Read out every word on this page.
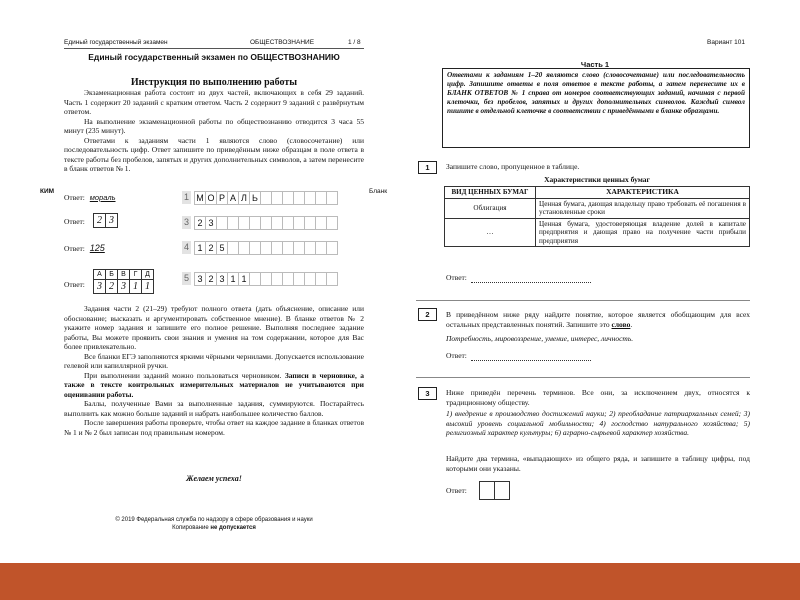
Единый государственный экзамен	ОБЩЕСТВОЗНАНИЕ	1 / 8
Единый государственный экзамен по ОБЩЕСТВОЗНАНИЮ
Инструкция по выполнению работы
Экзаменационная работа состоит из двух частей, включающих в себя 29 заданий. Часть 1 содержит 20 заданий с кратким ответом. Часть 2 содержит 9 заданий с развёрнутым ответом.
На выполнение экзаменационной работы по обществознанию отводится 3 часа 55 минут (235 минут).
Ответами к заданиям части 1 являются слово (словосочетание) или последовательность цифр. Ответ запишите по приведённым ниже образцам в поле ответа в тексте работы без пробелов, запятых и других дополнительных символов, а затем перенесите в бланк ответов № 1.
КИМ	Бланк
Ответ: мораль	1 М О Р А Л Ь
Ответ:	2 3	3 2 3
Ответ: 125	4 1 2 5
Ответ:
А	Б	В	Г	Д
3 2 3 1 1
5 3 2 3 1 1
Задания части 2 (21–29) требуют полного ответа (дать объяснение, описание или обоснование; высказать и аргументировать собственное мнение). В бланке ответов № 2 укажите номер задания и запишите его полное решение. Выполняя последнее задание работы, Вы можете проявить свои знания и умения на том содержании, которое для Вас более привлекательно.
Все бланки ЕГЭ заполняются яркими чёрными чернилами. Допускается использование гелевой или капиллярной ручки.
При выполнении заданий можно пользоваться черновиком. Записи в черновике, а также в тексте контрольных измерительных материалов не учитываются при оценивании работы.
Баллы, полученные Вами за выполненные задания, суммируются. Постарайтесь выполнить как можно больше заданий и набрать наибольшее количество баллов.
После завершения работы проверьте, чтобы ответ на каждое задание в бланках ответов № 1 и № 2 был записан под правильным номером.
Желаем успеха!
© 2019 Федеральная служба по надзору в сфере образования и науки
Копирование не допускается
Вариант 101
Часть 1
Ответами к заданиям 1–20 являются слово (словосочетание) или последовательность цифр. Запишите ответы в поля ответов в тексте работы, а затем перенесите их в БЛАНК ОТВЕТОВ № 1 справа от номеров соответствующих заданий, начиная с первой клеточки, без пробелов, запятых и других дополнительных символов. Каждый символ пишите в отдельной клеточке в соответствии с приведёнными в бланке образцами.
1	Запишите слово, пропущенное в таблице.
Характеристики ценных бумаг
ВИД ЦЕННЫХ БУМАГ	ХАРАКТЕРИСТИКА
Облигация	Ценная бумага, дающая владельцу право требовать её погашения в установленные сроки
…	Ценная бумага, удостоверяющая владение долей в капитале предприятия и дающая право на получение части прибыли предприятия
Ответ:
2	В приведённом ниже ряду найдите понятие, которое является обобщающим для всех остальных представленных понятий. Запишите это слово.
Потребность, мировоззрение, умение, интерес, личность.
Ответ:
3	Ниже приведён перечень терминов. Все они, за исключением двух, относятся к традиционному обществу.
1) внедрение в производство достижений науки; 2) преобладание патриархальных семей; 3) высокий уровень социальной мобильности; 4) господство натурального хозяйства; 5) религиозный характер культуры; 6) аграрно-сырьевой характер хозяйства.
Найдите два термина, «выпадающих» из общего ряда, и запишите в таблицу цифры, под которыми они указаны.
Ответ:
